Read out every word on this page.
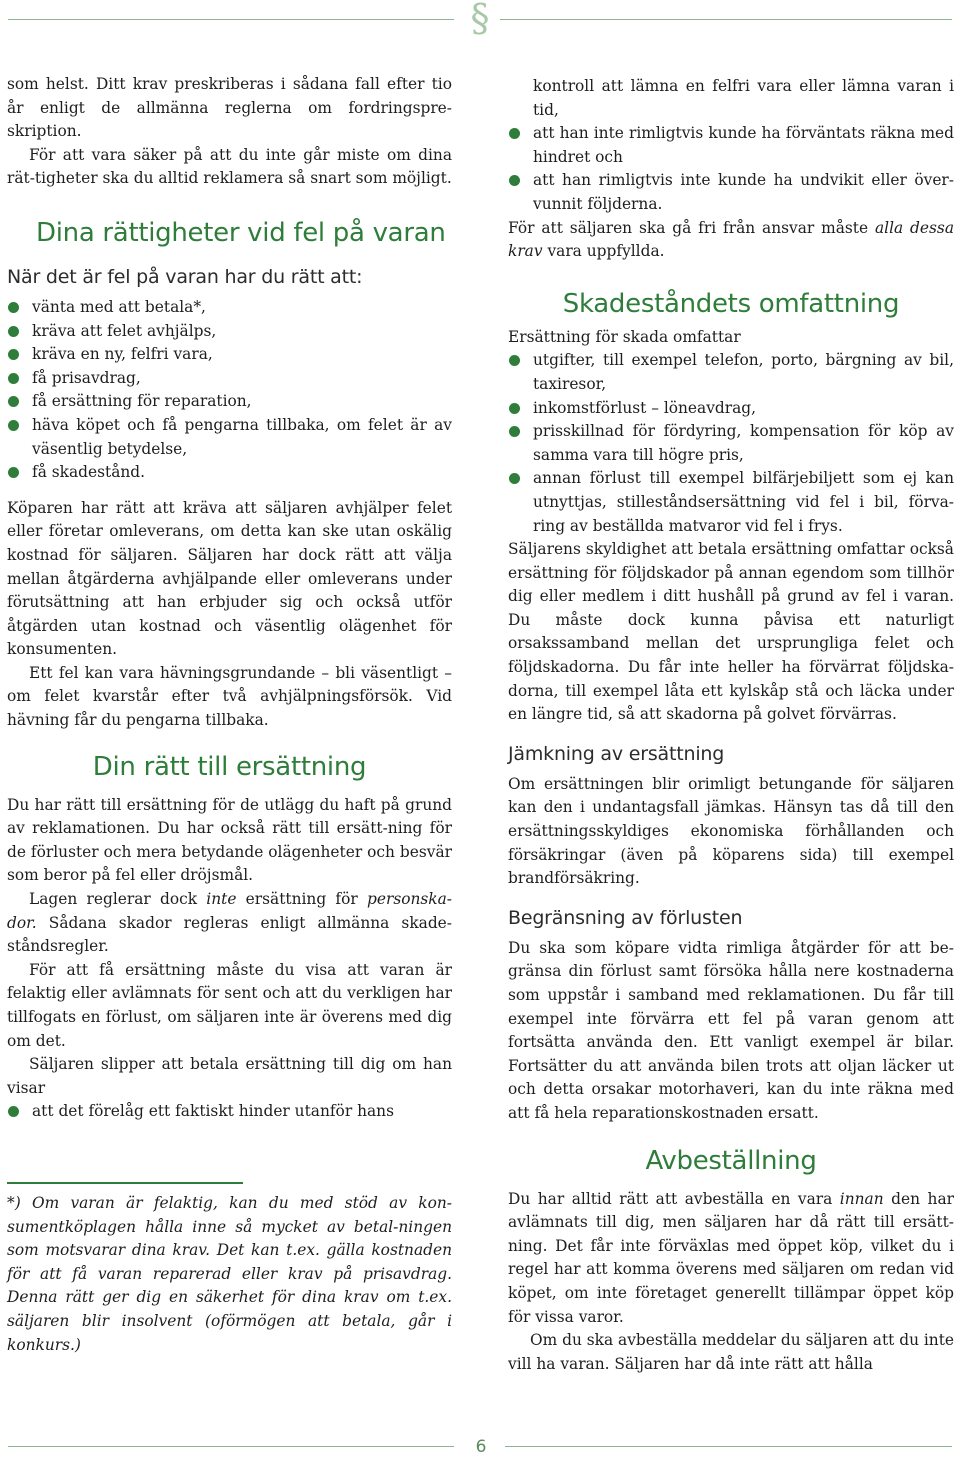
§

som helst. Ditt krav preskriberas i sådana fall efter tio år enligt de allmänna reglerna om fordringspre-skription.

För att vara säker på att du inte går miste om dina rät-tigheter ska du alltid reklamera så snart som möjligt.

Dina rättigheter vid fel på varan
När det är fel på varan har du rätt att:
vänta med att betala*,
kräva att felet avhjälps,
kräva en ny, felfri vara,
få prisavdrag,
få ersättning för reparation,
häva köpet och få pengarna tillbaka, om felet är av väsentlig betydelse,
få skadestånd.

Köparen har rätt att kräva att säljaren avhjälper felet eller företar omleverans, om detta kan ske utan oskälig kostnad för säljaren. Säljaren har dock rätt att välja mellan åtgärderna avhjälpande eller omleverans under förutsättning att han erbjuder sig och också utför åtgärden utan kostnad och väsentlig olägenhet för konsumenten.

Ett fel kan vara hävningsgrundande – bli väsentligt – om felet kvarstår efter två avhjälpningsförsök. Vid hävning får du pengarna tillbaka.

Din rätt till ersättning

Du har rätt till ersättning för de utlägg du haft på grund av reklamationen. Du har också rätt till ersätt-ning för de förluster och mera betydande olägenheter och besvär som beror på fel eller dröjsmål.

Lagen reglerar dock inte ersättning för personska-dor. Sådana skador regleras enligt allmänna skade-ståndsregler.

För att få ersättning måste du visa att varan är felaktig eller avlämnats för sent och att du verkligen har tillfogats en förlust, om säljaren inte är överens med dig om det.

Säljaren slipper att betala ersättning till dig om han visar

att det förelåg ett faktiskt hinder utanför hans

*) Om varan är felaktig, kan du med stöd av kon-sumentköplagen hålla inne så mycket av betal-ningen som motsvarar dina krav. Det kan t.ex. gälla kostnaden för att få varan reparerad eller krav på prisavdrag. Denna rätt ger dig en säkerhet för dina krav om t.ex. säljaren blir insolvent (oförmögen att betala, går i konkurs.)

kontroll att lämna en felfri vara eller lämna varan i tid,
att han inte rimligtvis kunde ha förväntats räkna med hindret och
att han rimligtvis inte kunde ha undvikit eller över-vunnit följderna.

För att säljaren ska gå fri från ansvar måste alla dessa krav vara uppfyllda.

Skadeståndets omfattning

Ersättning för skada omfattar

utgifter, till exempel telefon, porto, bärgning av bil, taxiresor,
inkomstförlust – löneavdrag,
prisskillnad för fördyring, kompensation för köp av samma vara till högre pris,
annan förlust till exempel bilfärjebiljett som ej kan utnyttjas, stilleståndsersättning vid fel i bil, förva-ring av beställda matvaror vid fel i frys.

Säljarens skyldighet att betala ersättning omfattar också ersättning för följdskador på annan egendom som tillhör dig eller medlem i ditt hushåll på grund av fel i varan. Du måste dock kunna påvisa ett naturligt orsakssamband mellan det ursprungliga felet och följdskadorna. Du får inte heller ha förvärrat följdska-dorna, till exempel låta ett kylskåp stå och läcka under en längre tid, så att skadorna på golvet förvärras.

Jämkning av ersättning

Om ersättningen blir orimligt betungande för säljaren kan den i undantagsfall jämkas. Hänsyn tas då till den ersättningsskyldiges ekonomiska förhållanden och försäkringar (även på köparens sida) till exempel brandförsäkring.

Begränsning av förlusten

Du ska som köpare vidta rimliga åtgärder för att be-gränsa din förlust samt försöka hålla nere kostnaderna som uppstår i samband med reklamationen. Du får till exempel inte förvärra ett fel på varan genom att fortsätta använda den. Ett vanligt exempel är bilar. Fortsätter du att använda bilen trots att oljan läcker ut och detta orsakar motorhaveri, kan du inte räkna med att få hela reparationskostnaden ersatt.

Avbeställning

Du har alltid rätt att avbeställa en vara innan den har avlämnats till dig, men säljaren har då rätt till ersätt-ning. Det får inte förväxlas med öppet köp, vilket du i regel har att komma överens med säljaren om redan vid köpet, om inte företaget generellt tillämpar öppet köp för vissa varor.

Om du ska avbeställa meddelar du säljaren att du inte vill ha varan. Säljaren har då inte rätt att hålla

6
